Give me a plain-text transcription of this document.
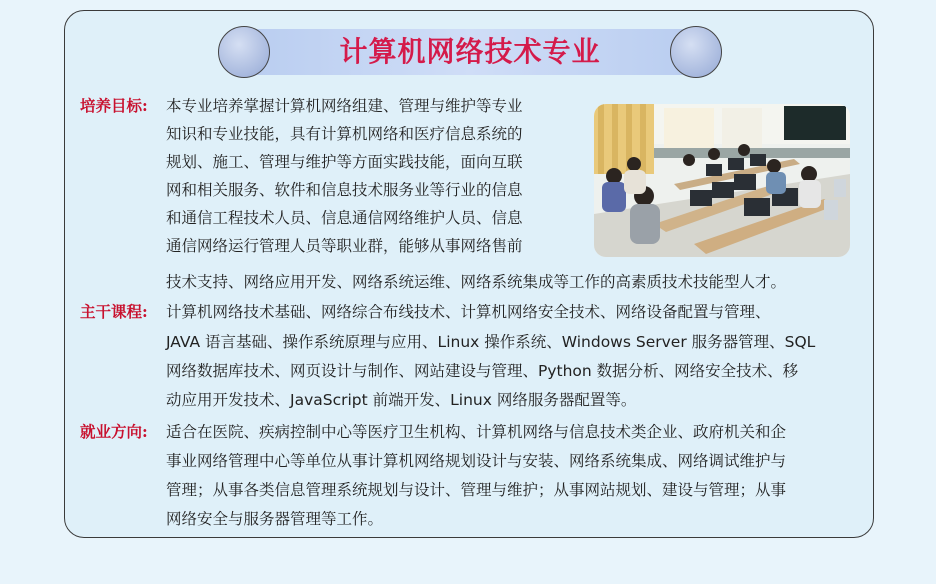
计算机网络技术专业
培养目标: 本专业培养掌握计算机网络组建、管理与维护等专业
知识和专业技能，具有计算机网络和医疗信息系统的
规划、施工、管理与维护等方面实践技能，面向互联
网和相关服务、软件和信息技术服务业等行业的信息
和通信工程技术人员、信息通信网络维护人员、信息
通信网络运行管理人员等职业群，能够从事网络售前
技术支持、网络应用开发、网络系统运维、网络系统集成等工作的高素质技术技能型人才。
主干课程: 计算机网络技术基础、网络综合布线技术、计算机网络安全技术、网络设备配置与管理、
JAVA 语言基础、操作系统原理与应用、Linux 操作系统、Windows Server 服务器管理、SQL
网络数据库技术、网页设计与制作、网站建设与管理、Python 数据分析、网络安全技术、移
动应用开发技术、JavaScript 前端开发、Linux 网络服务器配置等。
就业方向: 适合在医院、疾病控制中心等医疗卫生机构、计算机网络与信息技术类企业、政府机关和企
事业网络管理中心等单位从事计算机网络规划设计与安装、网络系统集成、网络调试维护与
管理；从事各类信息管理系统规划与设计、管理与维护；从事网站规划、建设与管理；从事
网络安全与服务器管理等工作。
